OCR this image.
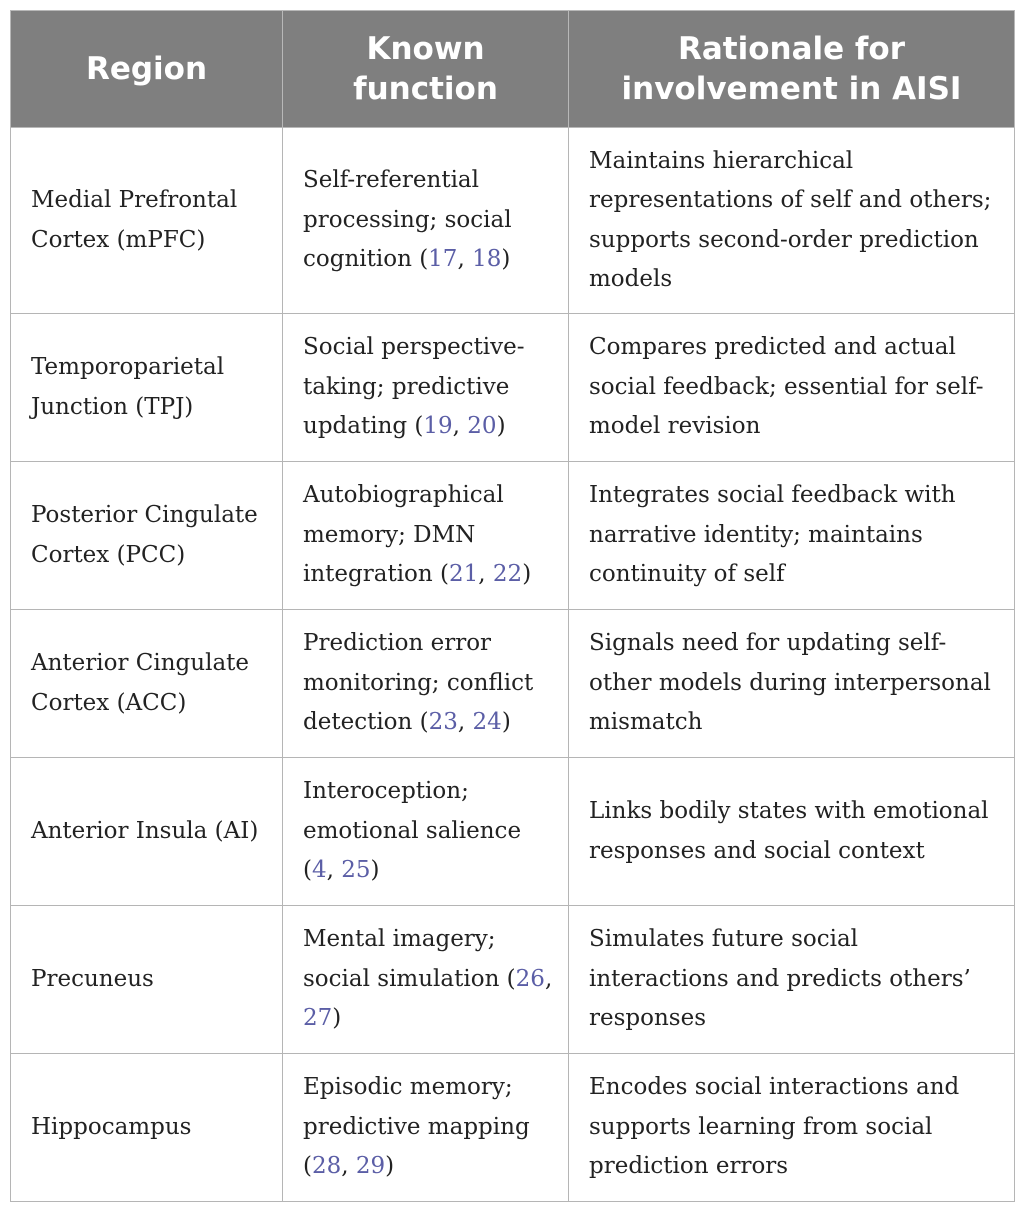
Region	Known function	Rationale for involvement in AISI
Medial Prefrontal Cortex (mPFC)	Self-referential processing; social cognition (17, 18)	Maintains hierarchical representations of self and others; supports second-order prediction models
Temporoparietal Junction (TPJ)	Social perspective-taking; predictive updating (19, 20)	Compares predicted and actual social feedback; essential for self-model revision
Posterior Cingulate Cortex (PCC)	Autobiographical memory; DMN integration (21, 22)	Integrates social feedback with narrative identity; maintains continuity of self
Anterior Cingulate Cortex (ACC)	Prediction error monitoring; conflict detection (23, 24)	Signals need for updating self-other models during interpersonal mismatch
Anterior Insula (AI)	Interoception; emotional salience (4, 25)	Links bodily states with emotional responses and social context
Precuneus	Mental imagery; social simulation (26, 27)	Simulates future social interactions and predicts others’ responses
Hippocampus	Episodic memory; predictive mapping (28, 29)	Encodes social interactions and supports learning from social prediction errors
